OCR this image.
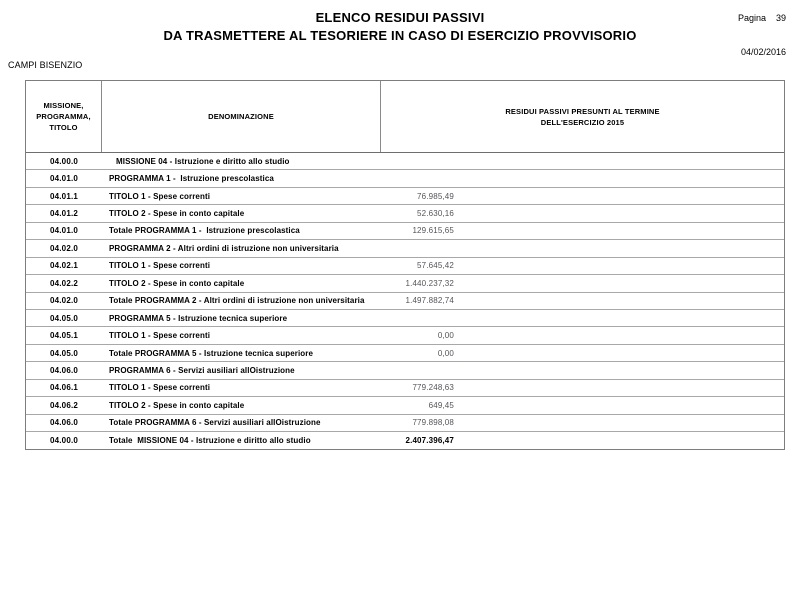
ELENCO RESIDUI PASSIVI
DA TRASMETTERE AL TESORIERE IN CASO DI ESERCIZIO PROVVISORIO
Pagina 39
04/02/2016
CAMPI BISENZIO
MISSIONE,
PROGRAMMA,
TITOLO
DENOMINAZIONE
RESIDUI PASSIVI PRESUNTI AL TERMINE
DELL'ESERCIZIO 2015
04.00.0	MISSIONE 04 - Istruzione e diritto allo studio
04.01.0	PROGRAMMA 1 -  Istruzione prescolastica
04.01.1	TITOLO 1 - Spese correnti	76.985,49
04.01.2	TITOLO 2 - Spese in conto capitale	52.630,16
04.01.0	Totale PROGRAMMA 1 -  Istruzione prescolastica	129.615,65
04.02.0	PROGRAMMA 2 - Altri ordini di istruzione non universitaria
04.02.1	TITOLO 1 - Spese correnti	57.645,42
04.02.2	TITOLO 2 - Spese in conto capitale	1.440.237,32
04.02.0	Totale PROGRAMMA 2 - Altri ordini di istruzione non universitaria	1.497.882,74
04.05.0	PROGRAMMA 5 - Istruzione tecnica superiore
04.05.1	TITOLO 1 - Spese correnti	0,00
04.05.0	Totale PROGRAMMA 5 - Istruzione tecnica superiore	0,00
04.06.0	PROGRAMMA 6 - Servizi ausiliari allOistruzione
04.06.1	TITOLO 1 - Spese correnti	779.248,63
04.06.2	TITOLO 2 - Spese in conto capitale	649,45
04.06.0	Totale PROGRAMMA 6 - Servizi ausiliari allOistruzione	779.898,08
04.00.0	Totale  MISSIONE 04 - Istruzione e diritto allo studio	2.407.396,47
